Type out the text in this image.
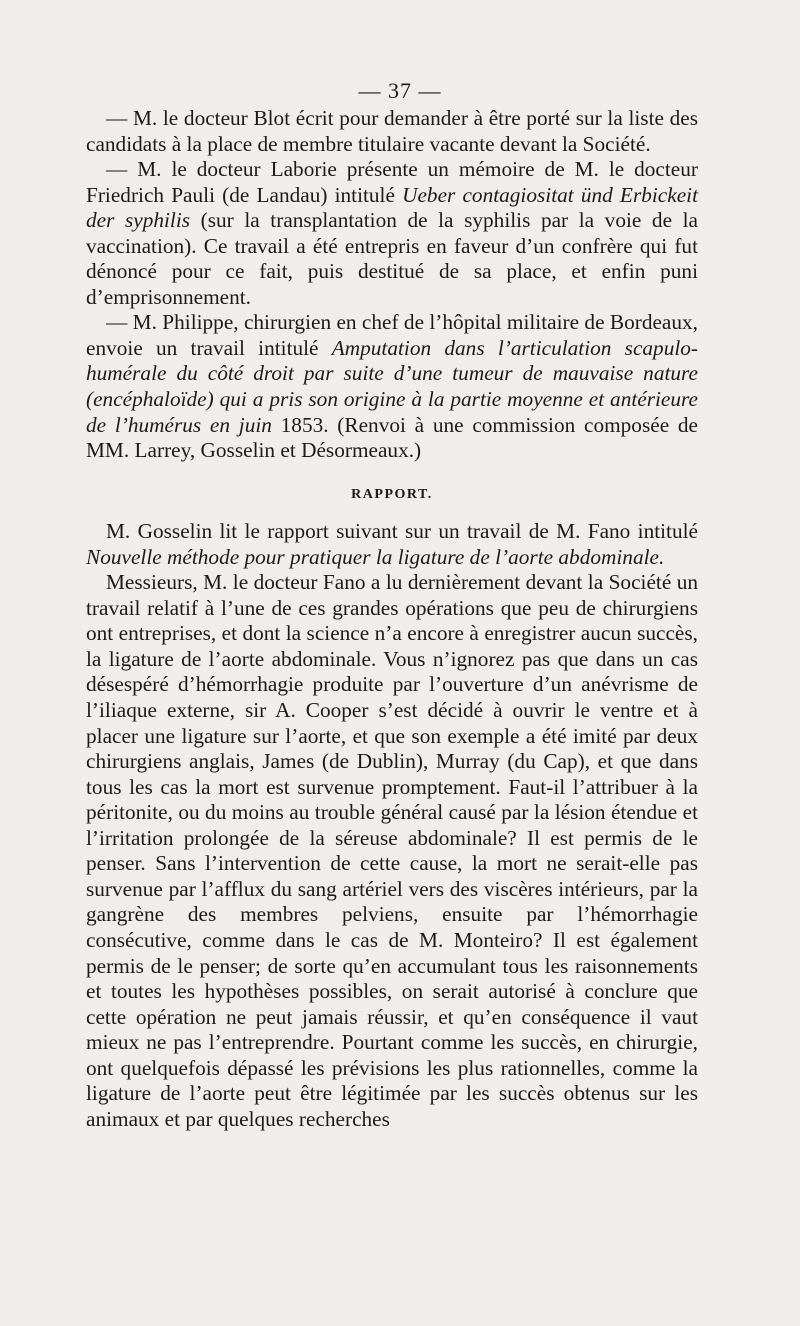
— 37 —

— M. le docteur Blot écrit pour demander à être porté sur la liste des candidats à la place de membre titulaire vacante devant la Société.

— M. le docteur Laborie présente un mémoire de M. le docteur Friedrich Pauli (de Landau) intitulé Ueber contagiositat ünd Erbickeit der syphilis (sur la transplantation de la syphilis par la voie de la vaccination). Ce travail a été entrepris en faveur d’un confrère qui fut dénoncé pour ce fait, puis destitué de sa place, et enfin puni d’emprisonnement.

— M. Philippe, chirurgien en chef de l’hôpital militaire de Bordeaux, envoie un travail intitulé Amputation dans l’articulation scapulo-humérale du côté droit par suite d’une tumeur de mauvaise nature (encéphaloïde) qui a pris son origine à la partie moyenne et antérieure de l’humérus en juin 1853. (Renvoi à une commission composée de MM. Larrey, Gosselin et Désormeaux.)

RAPPORT.

M. Gosselin lit le rapport suivant sur un travail de M. Fano intitulé Nouvelle méthode pour pratiquer la ligature de l’aorte abdominale.

Messieurs, M. le docteur Fano a lu dernièrement devant la Société un travail relatif à l’une de ces grandes opérations que peu de chirurgiens ont entreprises, et dont la science n’a encore à enregistrer aucun succès, la ligature de l’aorte abdominale. Vous n’ignorez pas que dans un cas désespéré d’hémorrhagie produite par l’ouverture d’un anévrisme de l’iliaque externe, sir A. Cooper s’est décidé à ouvrir le ventre et à placer une ligature sur l’aorte, et que son exemple a été imité par deux chirurgiens anglais, James (de Dublin), Murray (du Cap), et que dans tous les cas la mort est survenue promptement. Faut-il l’attribuer à la péritonite, ou du moins au trouble général causé par la lésion étendue et l’irritation prolongée de la séreuse abdominale? Il est permis de le penser. Sans l’intervention de cette cause, la mort ne serait-elle pas survenue par l’afflux du sang artériel vers des viscères intérieurs, par la gangrène des membres pelviens, ensuite par l’hémorrhagie consécutive, comme dans le cas de M. Monteiro? Il est également permis de le penser; de sorte qu’en accumulant tous les raisonnements et toutes les hypothèses possibles, on serait autorisé à conclure que cette opération ne peut jamais réussir, et qu’en conséquence il vaut mieux ne pas l’entreprendre. Pourtant comme les succès, en chirurgie, ont quelquefois dépassé les prévisions les plus rationnelles, comme la ligature de l’aorte peut être légitimée par les succès obtenus sur les animaux et par quelques recherches
